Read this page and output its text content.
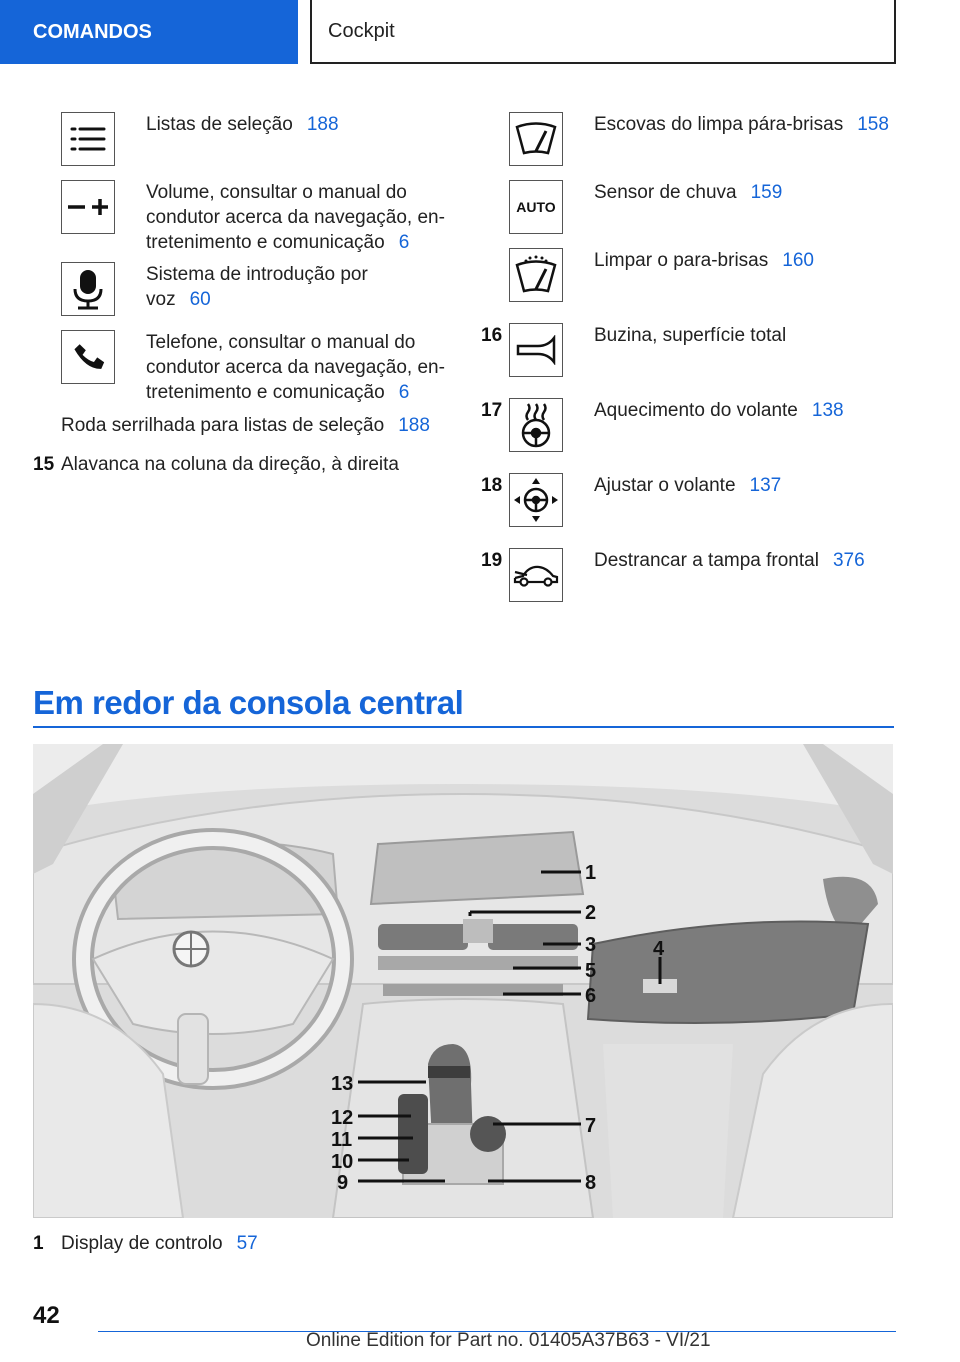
COMANDOS	Cockpit
Listas de seleção 188
Volume, consultar o manual do
condutor acerca da navegação, en-
tretenimento e comunicação 6
Sistema de introdução por
voz 60
Telefone, consultar o manual do
condutor acerca da navegação, en-
tretenimento e comunicação 6
Roda serrilhada para listas de seleção 188
15 Alavanca na coluna da direção, à direita
Escovas do limpa pára-brisas 158
AUTO
Sensor de chuva 159
Limpar o para-brisas 160
16	Buzina, superfície total
17	Aquecimento do volante 138
18	Ajustar o volante 137
19	Destrancar a tampa frontal 376
Em redor da consola central
1
2
3	4
5
6
7
8
9
10
11
12
13
1 Display de controlo 57
42
Online Edition for Part no. 01405A37B63 - VI/21
